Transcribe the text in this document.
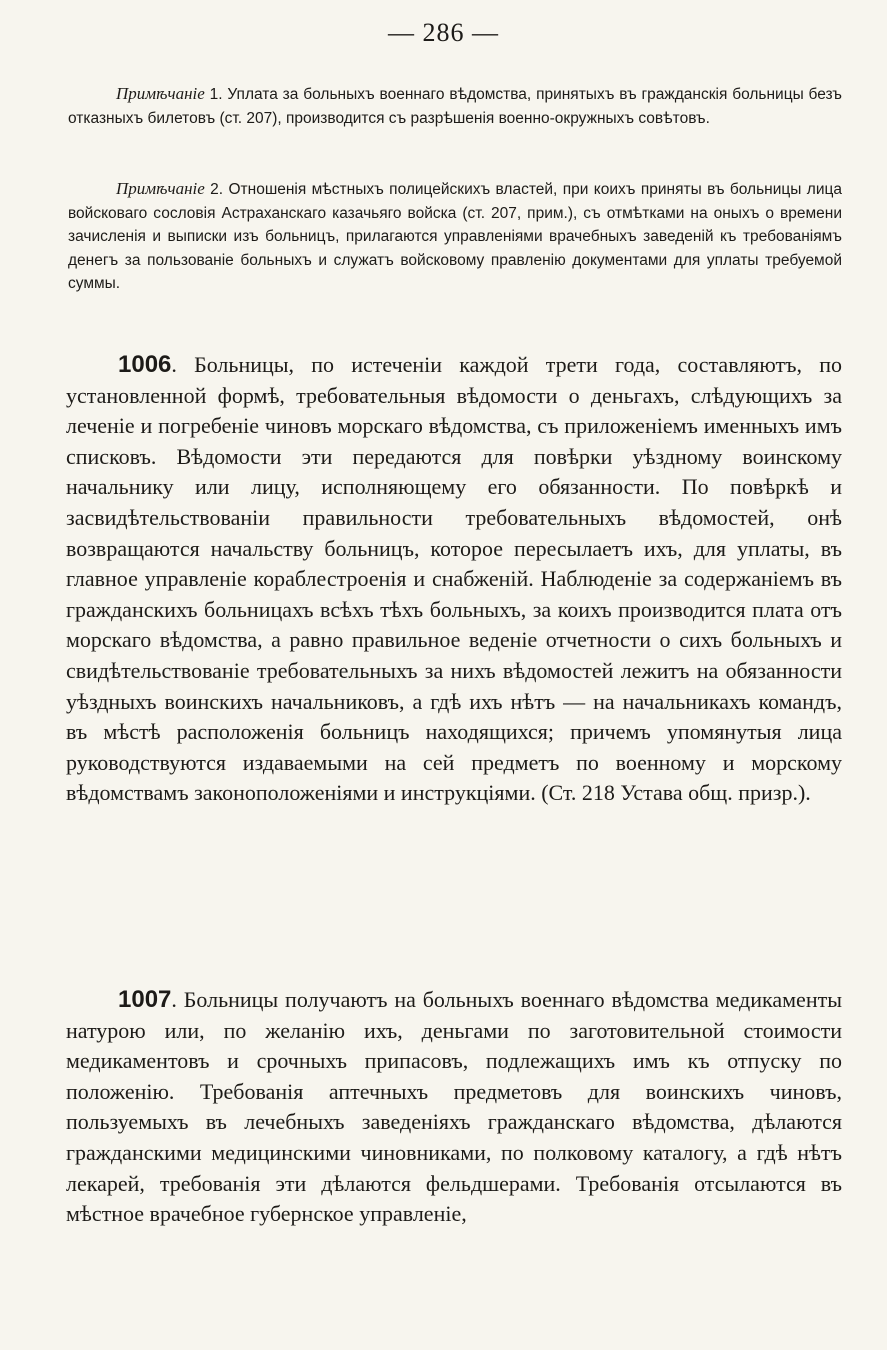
— 286 —

Примѣчаніе 1. Уплата за больныхъ военнаго вѣдомства, принятыхъ въ гражданскія больницы безъ отказныхъ билетовъ (ст. 207), производится съ разрѣшенія военно-окружныхъ совѣтовъ.

Примѣчаніе 2. Отношенія мѣстныхъ полицейскихъ властей, при коихъ приняты въ больницы лица войсковаго сословія Астраханскаго казачьяго войска (ст. 207, прим.), съ отмѣтками на оныхъ о времени зачисленія и выписки изъ больницъ, прилагаются управленіями врачебныхъ заведеній къ требованіямъ денегъ за пользованіе больныхъ и служатъ войсковому правленію документами для уплаты требуемой суммы.

1006. Больницы, по истеченіи каждой трети года, составляютъ, по установленной формѣ, требовательныя вѣдомости о деньгахъ, слѣдующихъ за леченіе и погребеніе чиновъ морскаго вѣдомства, съ приложеніемъ именныхъ имъ списковъ. Вѣдомости эти передаются для повѣрки уѣздному воинскому начальнику или лицу, исполняющему его обязанности. По повѣркѣ и засвидѣтельствованіи правильности требовательныхъ вѣдомостей, онѣ возвращаются начальству больницъ, которое пересылаетъ ихъ, для уплаты, въ главное управленіе кораблестроенія и снабженій. Наблюденіе за содержаніемъ въ гражданскихъ больницахъ всѣхъ тѣхъ больныхъ, за коихъ производится плата отъ морскаго вѣдомства, а равно правильное веденіе отчетности о сихъ больныхъ и свидѣтельствованіе требовательныхъ за нихъ вѣдомостей лежитъ на обязанности уѣздныхъ воинскихъ начальниковъ, а гдѣ ихъ нѣтъ — на начальникахъ командъ, въ мѣстѣ расположенія больницъ находящихся; причемъ упомянутыя лица руководствуются издаваемыми на сей предметъ по военному и морскому вѣдомствамъ законоположеніями и инструкціями. (Ст. 218 Устава общ. призр.).

1007. Больницы получаютъ на больныхъ военнаго вѣдомства медикаменты натурою или, по желанію ихъ, деньгами по заготовительной стоимости медикаментовъ и срочныхъ припасовъ, подлежащихъ имъ къ отпуску по положенію. Требованія аптечныхъ предметовъ для воинскихъ чиновъ, пользуемыхъ въ лечебныхъ заведеніяхъ гражданскаго вѣдомства, дѣлаются гражданскими медицинскими чиновниками, по полковому каталогу, а гдѣ нѣтъ лекарей, требованія эти дѣлаются фельдшерами. Требованія отсылаются въ мѣстное врачебное губернское управленіе,
